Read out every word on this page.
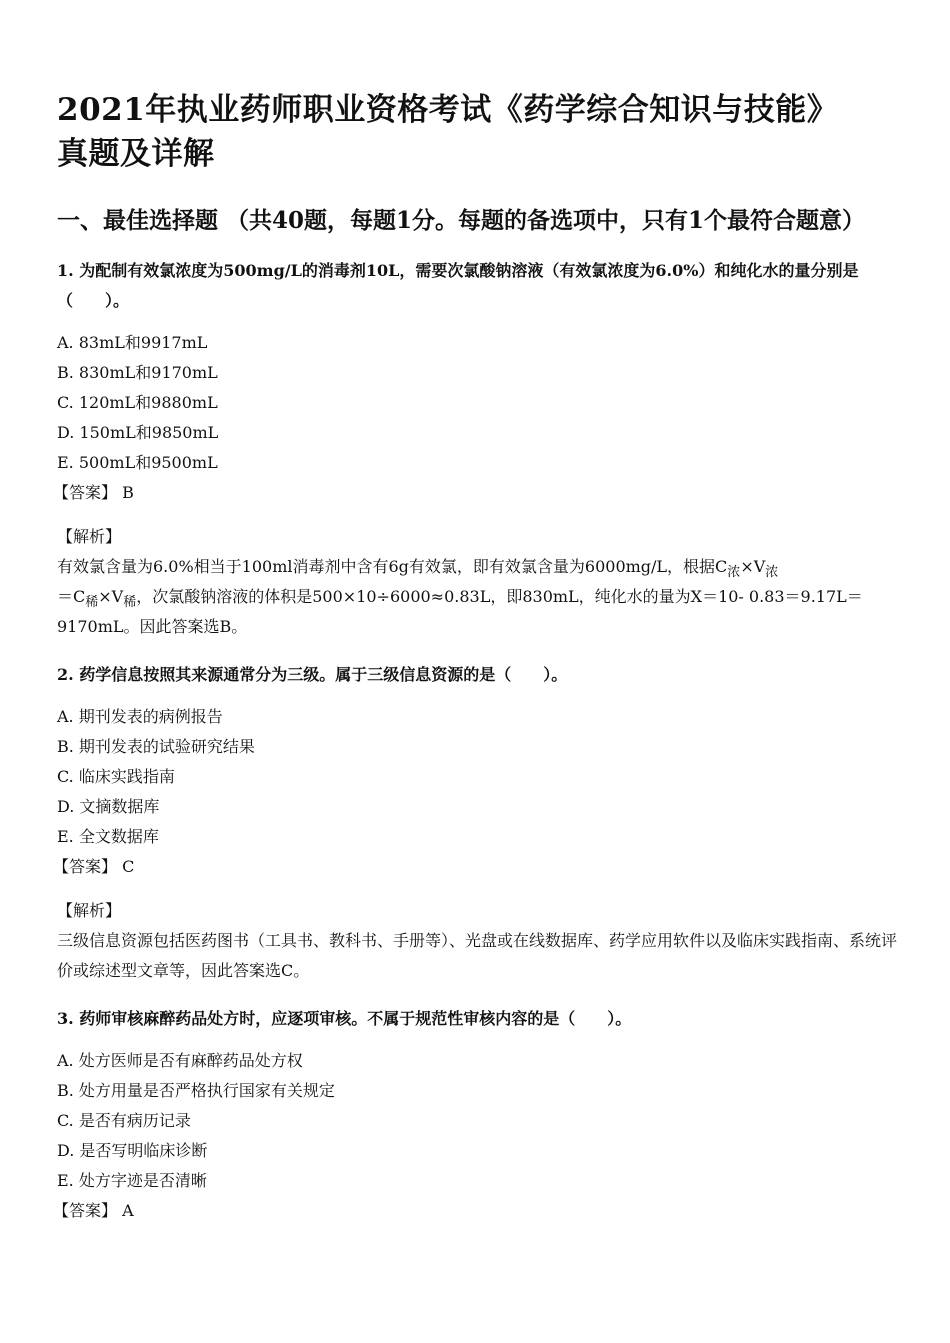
2021年执业药师职业资格考试《药学综合知识与技能》真题及详解
一、最佳选择题 （共40题，每题1分。每题的备选项中，只有1个最符合题意）

1. 为配制有效氯浓度为500mg/L的消毒剂10L，需要次氯酸钠溶液（有效氯浓度为6.0%）和纯化水的量分别是（　　）。

A. 83mL和9917mL

B. 830mL和9170mL

C. 120mL和9880mL

D. 150mL和9850mL

E. 500mL和9500mL

【答案】 B

【解析】

有效氯含量为6.0%相当于100ml消毒剂中含有6g有效氯，即有效氯含量为6000mg/L，根据$C_浓\times V_浓$
$=C_稀\times V_稀$，次氯酸钠溶液的体积是500×10÷6000≈0.83L，即830mL，纯化水的量为X＝10- 0.83＝9.17L＝9170mL。因此答案选B。

2. 药学信息按照其来源通常分为三级。属于三级信息资源的是（　　）。

A. 期刊发表的病例报告

B. 期刊发表的试验研究结果

C. 临床实践指南

D. 文摘数据库

E. 全文数据库

【答案】 C

【解析】

三级信息资源包括医药图书（工具书、教科书、手册等）、光盘或在线数据库、药学应用软件以及临床实践指南、系统评价或综述型文章等，因此答案选C。

3. 药师审核麻醉药品处方时，应逐项审核。不属于规范性审核内容的是（　　）。

A. 处方医师是否有麻醉药品处方权

B. 处方用量是否严格执行国家有关规定

C. 是否有病历记录

D. 是否写明临床诊断

E. 处方字迹是否清晰

【答案】 A
